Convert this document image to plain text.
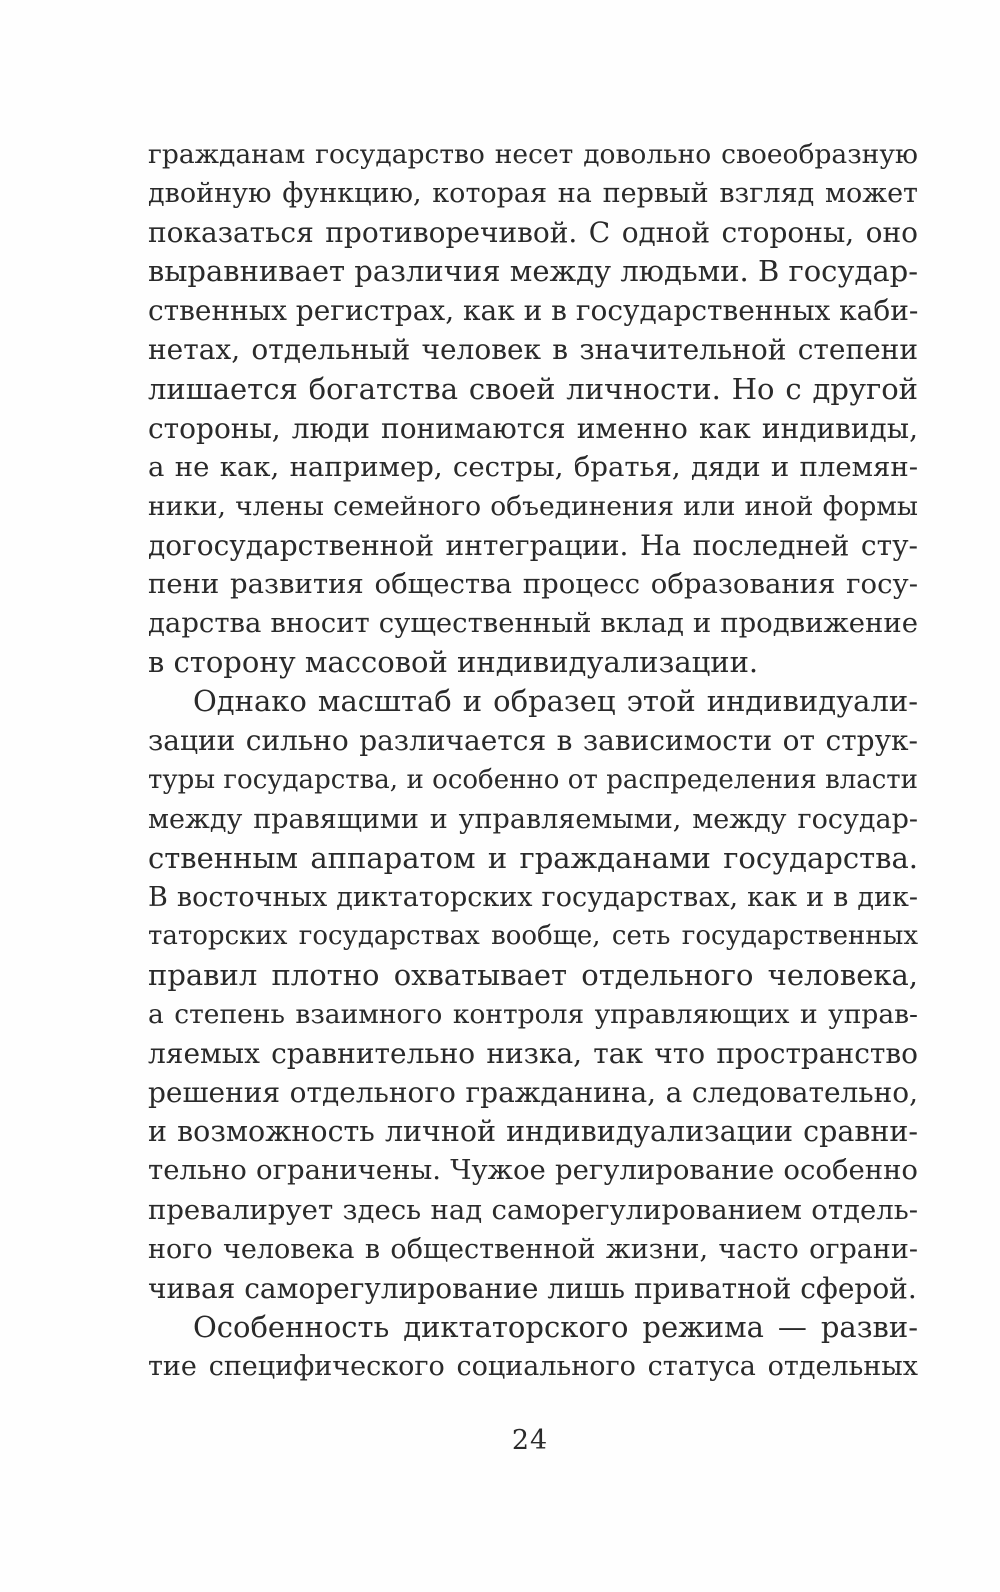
гражданам государство несет довольно своеобразную
двойную функцию, которая на первый взгляд может
показаться противоречивой. С одной стороны, оно
выравнивает различия между людьми. В государ-
ственных регистрах, как и в государственных каби-
нетах, отдельный человек в значительной степени
лишается богатства своей личности. Но с другой
стороны, люди понимаются именно как индивиды,
а не как, например, сестры, братья, дяди и племян-
ники, члены семейного объединения или иной формы
догосударственной интеграции. На последней сту-
пени развития общества процесс образования госу-
дарства вносит существенный вклад и продвижение
в сторону массовой индивидуализации.
Однако масштаб и образец этой индивидуали-
зации сильно различается в зависимости от струк-
туры государства, и особенно от распределения власти
между правящими и управляемыми, между государ-
ственным аппаратом и гражданами государства.
В восточных диктаторских государствах, как и в дик-
таторских государствах вообще, сеть государственных
правил плотно охватывает отдельного человека,
а степень взаимного контроля управляющих и управ-
ляемых сравнительно низка, так что пространство
решения отдельного гражданина, а следовательно,
и возможность личной индивидуализации сравни-
тельно ограничены. Чужое регулирование особенно
превалирует здесь над саморегулированием отдель-
ного человека в общественной жизни, часто ограни-
чивая саморегулирование лишь приватной сферой.
Особенность диктаторского режима — разви-
тие специфического социального статуса отдельных
24
